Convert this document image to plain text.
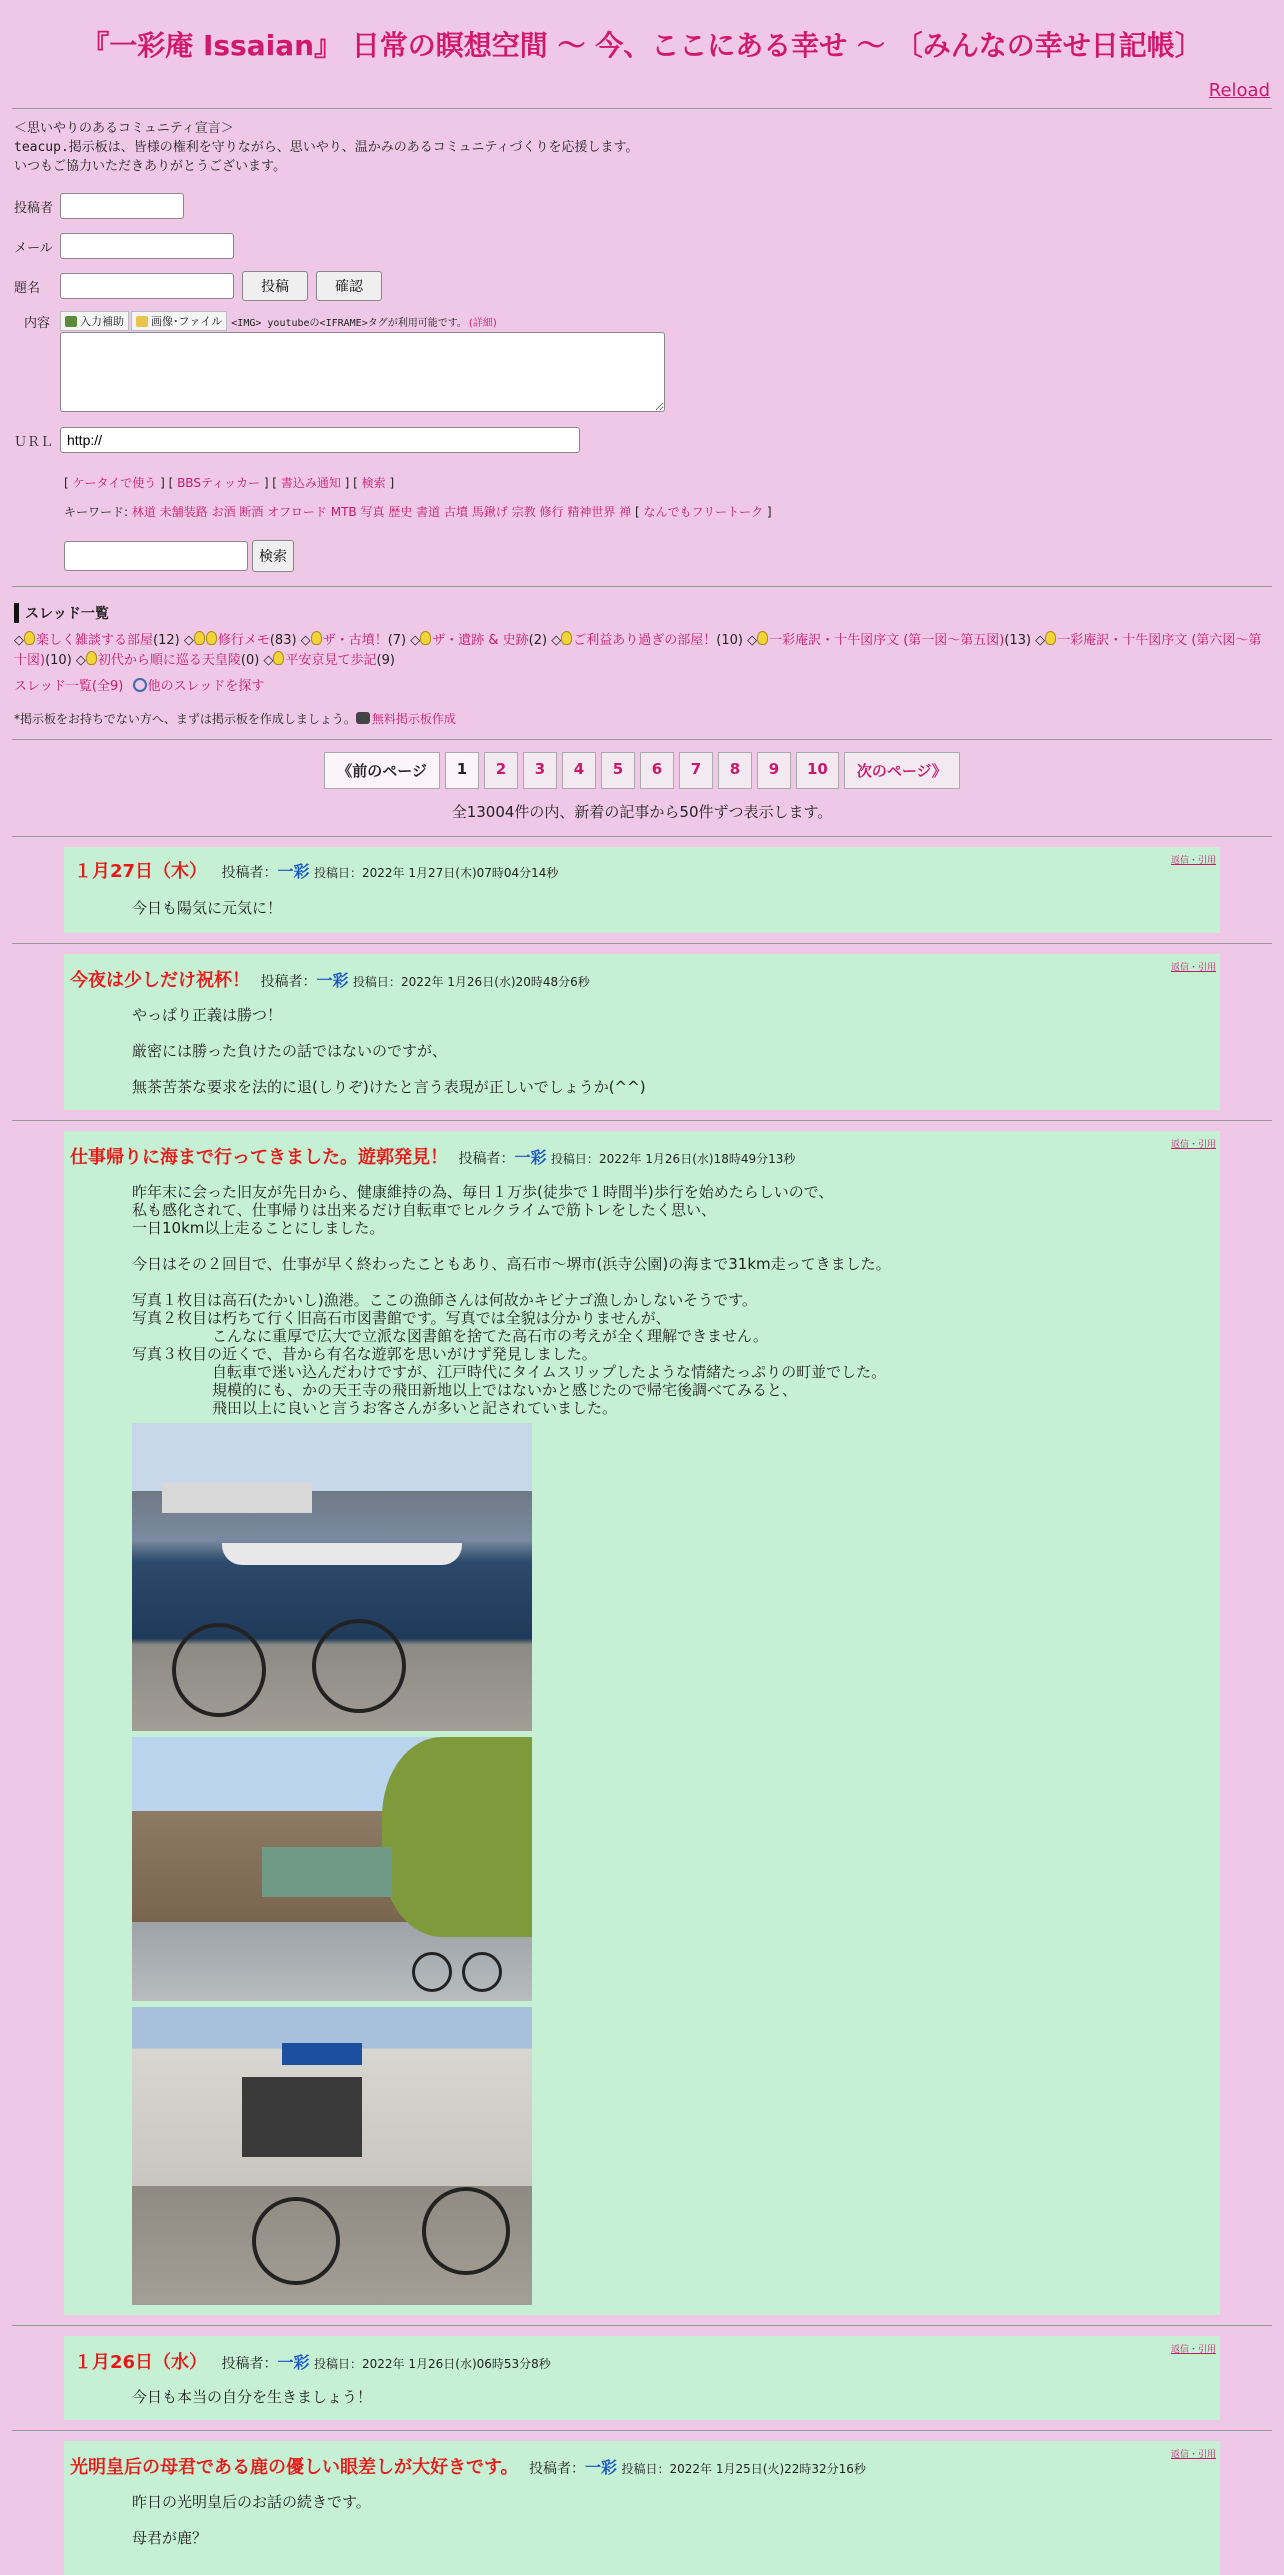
『一彩庵 Issaian』 日常の瞑想空間 ～ 今、ここにある幸せ ～ 〔みんなの幸せ日記帳〕
Reload
＜思いやりのあるコミュニティ宣言＞
teacup.掲示板は、皆様の権利を守りながら、思いやり、温かみのあるコミュニティづくりを応援します。
いつもご協力いただきありがとうございます。
投稿者
メール
題名	投稿	確認
内容	入力補助 画像･ファイル <IMG> youtubeの<IFRAME>タグが利用可能です。 (詳細)
ＵＲＬ
http://
[ ケータイで使う ] [ BBSティッカー ] [ 書込み通知 ] [ 検索 ]
キーワード: 林道 未舗装路 お酒 断酒 オフロード MTB 写真 歴史 書道 古墳 馬鍬げ 宗教 修行 精神世界 禅 [ なんでもフリートーク ]
検索
スレッド一覧
◇ 楽しく雑談する部屋(12) ◇ 修行メモ(83) ◇ ザ・古墳！(7) ◇ ザ・遺跡 & 史跡(2) ◇ ご利益あり過ぎの部屋！(10) ◇ 一彩庵訳・十牛図序文 (第一図～第五図)(13) ◇ 一彩庵訳・十牛図序文 (第六図～第十図)(10) ◇ 初代から順に巡る天皇陵(0) ◇ 平安京見て歩記(9)
スレッド一覧(全9) 他のスレッドを探す
*掲示板をお持ちでない方へ、まずは掲示板を作成しましょう。 無料掲示板作成
《前のページ	1	2	3	4	5	6	7	8	9	10	次のページ》
全13004件の内、新着の記事から50件ずつ表示します。
返信・引用
１月27日（木） 投稿者：一彩 投稿日：2022年 1月27日(木)07時04分14秒

今日も陽気に元気に！

返信・引用
今夜は少しだけ祝杯！ 投稿者：一彩 投稿日：2022年 1月26日(水)20時48分6秒

やっぱり正義は勝つ！

厳密には勝った負けたの話ではないのですが、

無茶苦茶な要求を法的に退(しりぞ)けたと言う表現が正しいでしょうか(^^)

返信・引用
仕事帰りに海まで行ってきました。遊郭発見！ 投稿者：一彩 投稿日：2022年 1月26日(水)18時49分13秒
昨年末に会った旧友が先日から、健康維持の為、毎日１万歩(徒歩で１時間半)歩行を始めたらしいので、
私も感化されて、仕事帰りは出来るだけ自転車でヒルクライムで筋トレをしたく思い、
一日10km以上走ることにしました。
今日はその２回目で、仕事が早く終わったこともあり、高石市～堺市(浜寺公園)の海まで31km走ってきました。
写真１枚目は高石(たかいし)漁港。ここの漁師さんは何故かキビナゴ漁しかしないそうです。
写真２枚目は朽ちて行く旧高石市図書館です。写真では全貌は分かりませんが、
こんなに重厚で広大で立派な図書館を捨てた高石市の考えが全く理解できません。
写真３枚目の近くで、昔から有名な遊郭を思いがけず発見しました。
自転車で迷い込んだわけですが、江戸時代にタイムスリップしたような情緒たっぷりの町並でした。
規模的にも、かの天王寺の飛田新地以上ではないかと感じたので帰宅後調べてみると、
飛田以上に良いと言うお客さんが多いと記されていました。
返信・引用
１月26日（水） 投稿者：一彩 投稿日：2022年 1月26日(水)06時53分8秒

今日も本当の自分を生きましょう！

返信・引用
光明皇后の母君である鹿の優しい眼差しが大好きです。 投稿者：一彩 投稿日：2022年 1月25日(火)22時32分16秒

昨日の光明皇后のお話の続きです。

母君が鹿？
